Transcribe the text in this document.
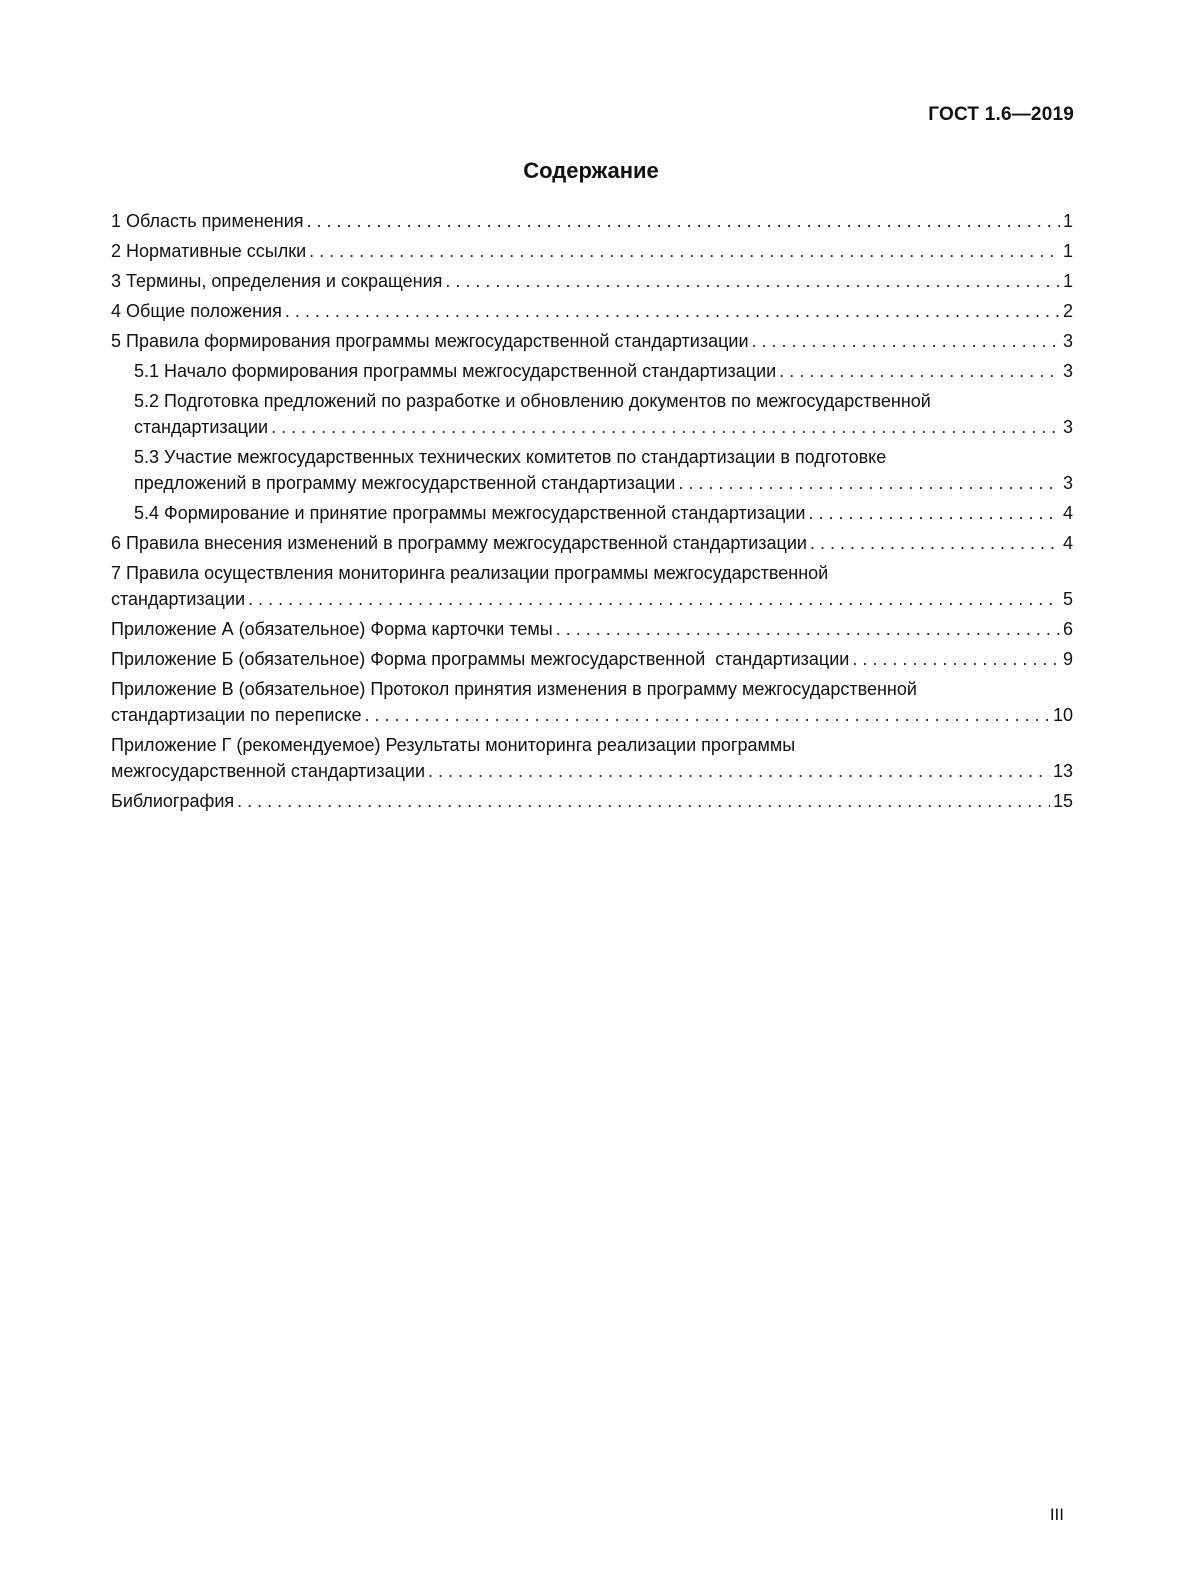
ГОСТ 1.6—2019
Содержание
1 Область применения . . .	1
2 Нормативные ссылки . . .	1
3 Термины, определения и сокращения . . .	1
4 Общие положения . . .	2
5 Правила формирования программы межгосударственной стандартизации . . .	3
5.1 Начало формирования программы межгосударственной стандартизации . . .	3
5.2 Подготовка предложений по разработке и обновлению документов по межгосударственной
стандартизации . . .	3
5.3 Участие межгосударственных технических комитетов по стандартизации в подготовке
предложений в программу межгосударственной стандартизации . . .	3
5.4 Формирование и принятие программы межгосударственной стандартизации . . .	4
6 Правила внесения изменений в программу межгосударственной стандартизации . . .	4
7 Правила осуществления мониторинга реализации программы межгосударственной
стандартизации . . .	5
Приложение А (обязательное) Форма карточки темы . . .	6
Приложение Б (обязательное) Форма программы межгосударственной  стандартизации . . .	9
Приложение В (обязательное) Протокол принятия изменения в программу межгосударственной
стандартизации по переписке . . .	10
Приложение Г (рекомендуемое) Результаты мониторинга реализации программы
межгосударственной стандартизации . . .	13
Библиография . . .	15
III
